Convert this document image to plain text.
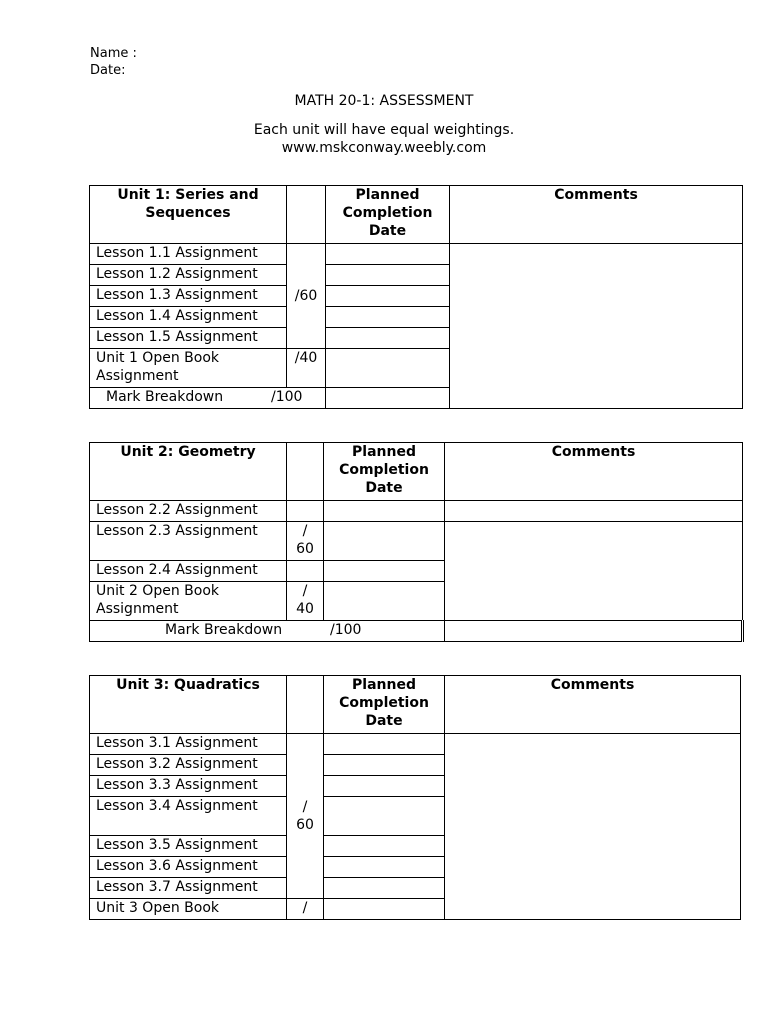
Name :
Date:
MATH 20-1: ASSESSMENT
Each unit will have equal weightings.
www.mskconway.weebly.com
Unit 1: Series and Sequences		Planned Completion Date	Comments
Lesson 1.1 Assignment	/60		
Lesson 1.2 Assignment			
Lesson 1.3 Assignment			
Lesson 1.4 Assignment			
Lesson 1.5 Assignment			
Unit 1 Open Book Assignment	/40		
Mark Breakdown /100			
Unit 2: Geometry		Planned Completion Date	Comments
Lesson 2.2 Assignment			
Lesson 2.3 Assignment	/ 60		
Lesson 2.4 Assignment			
Unit 2 Open Book Assignment	/ 40		
Mark Breakdown /100			
Unit 3: Quadratics		Planned Completion Date	Comments
Lesson 3.1 Assignment	/ 60		
Lesson 3.2 Assignment			
Lesson 3.3 Assignment			
Lesson 3.4 Assignment			
Lesson 3.5 Assignment			
Lesson 3.6 Assignment			
Lesson 3.7 Assignment			
Unit 3 Open Book	/		
